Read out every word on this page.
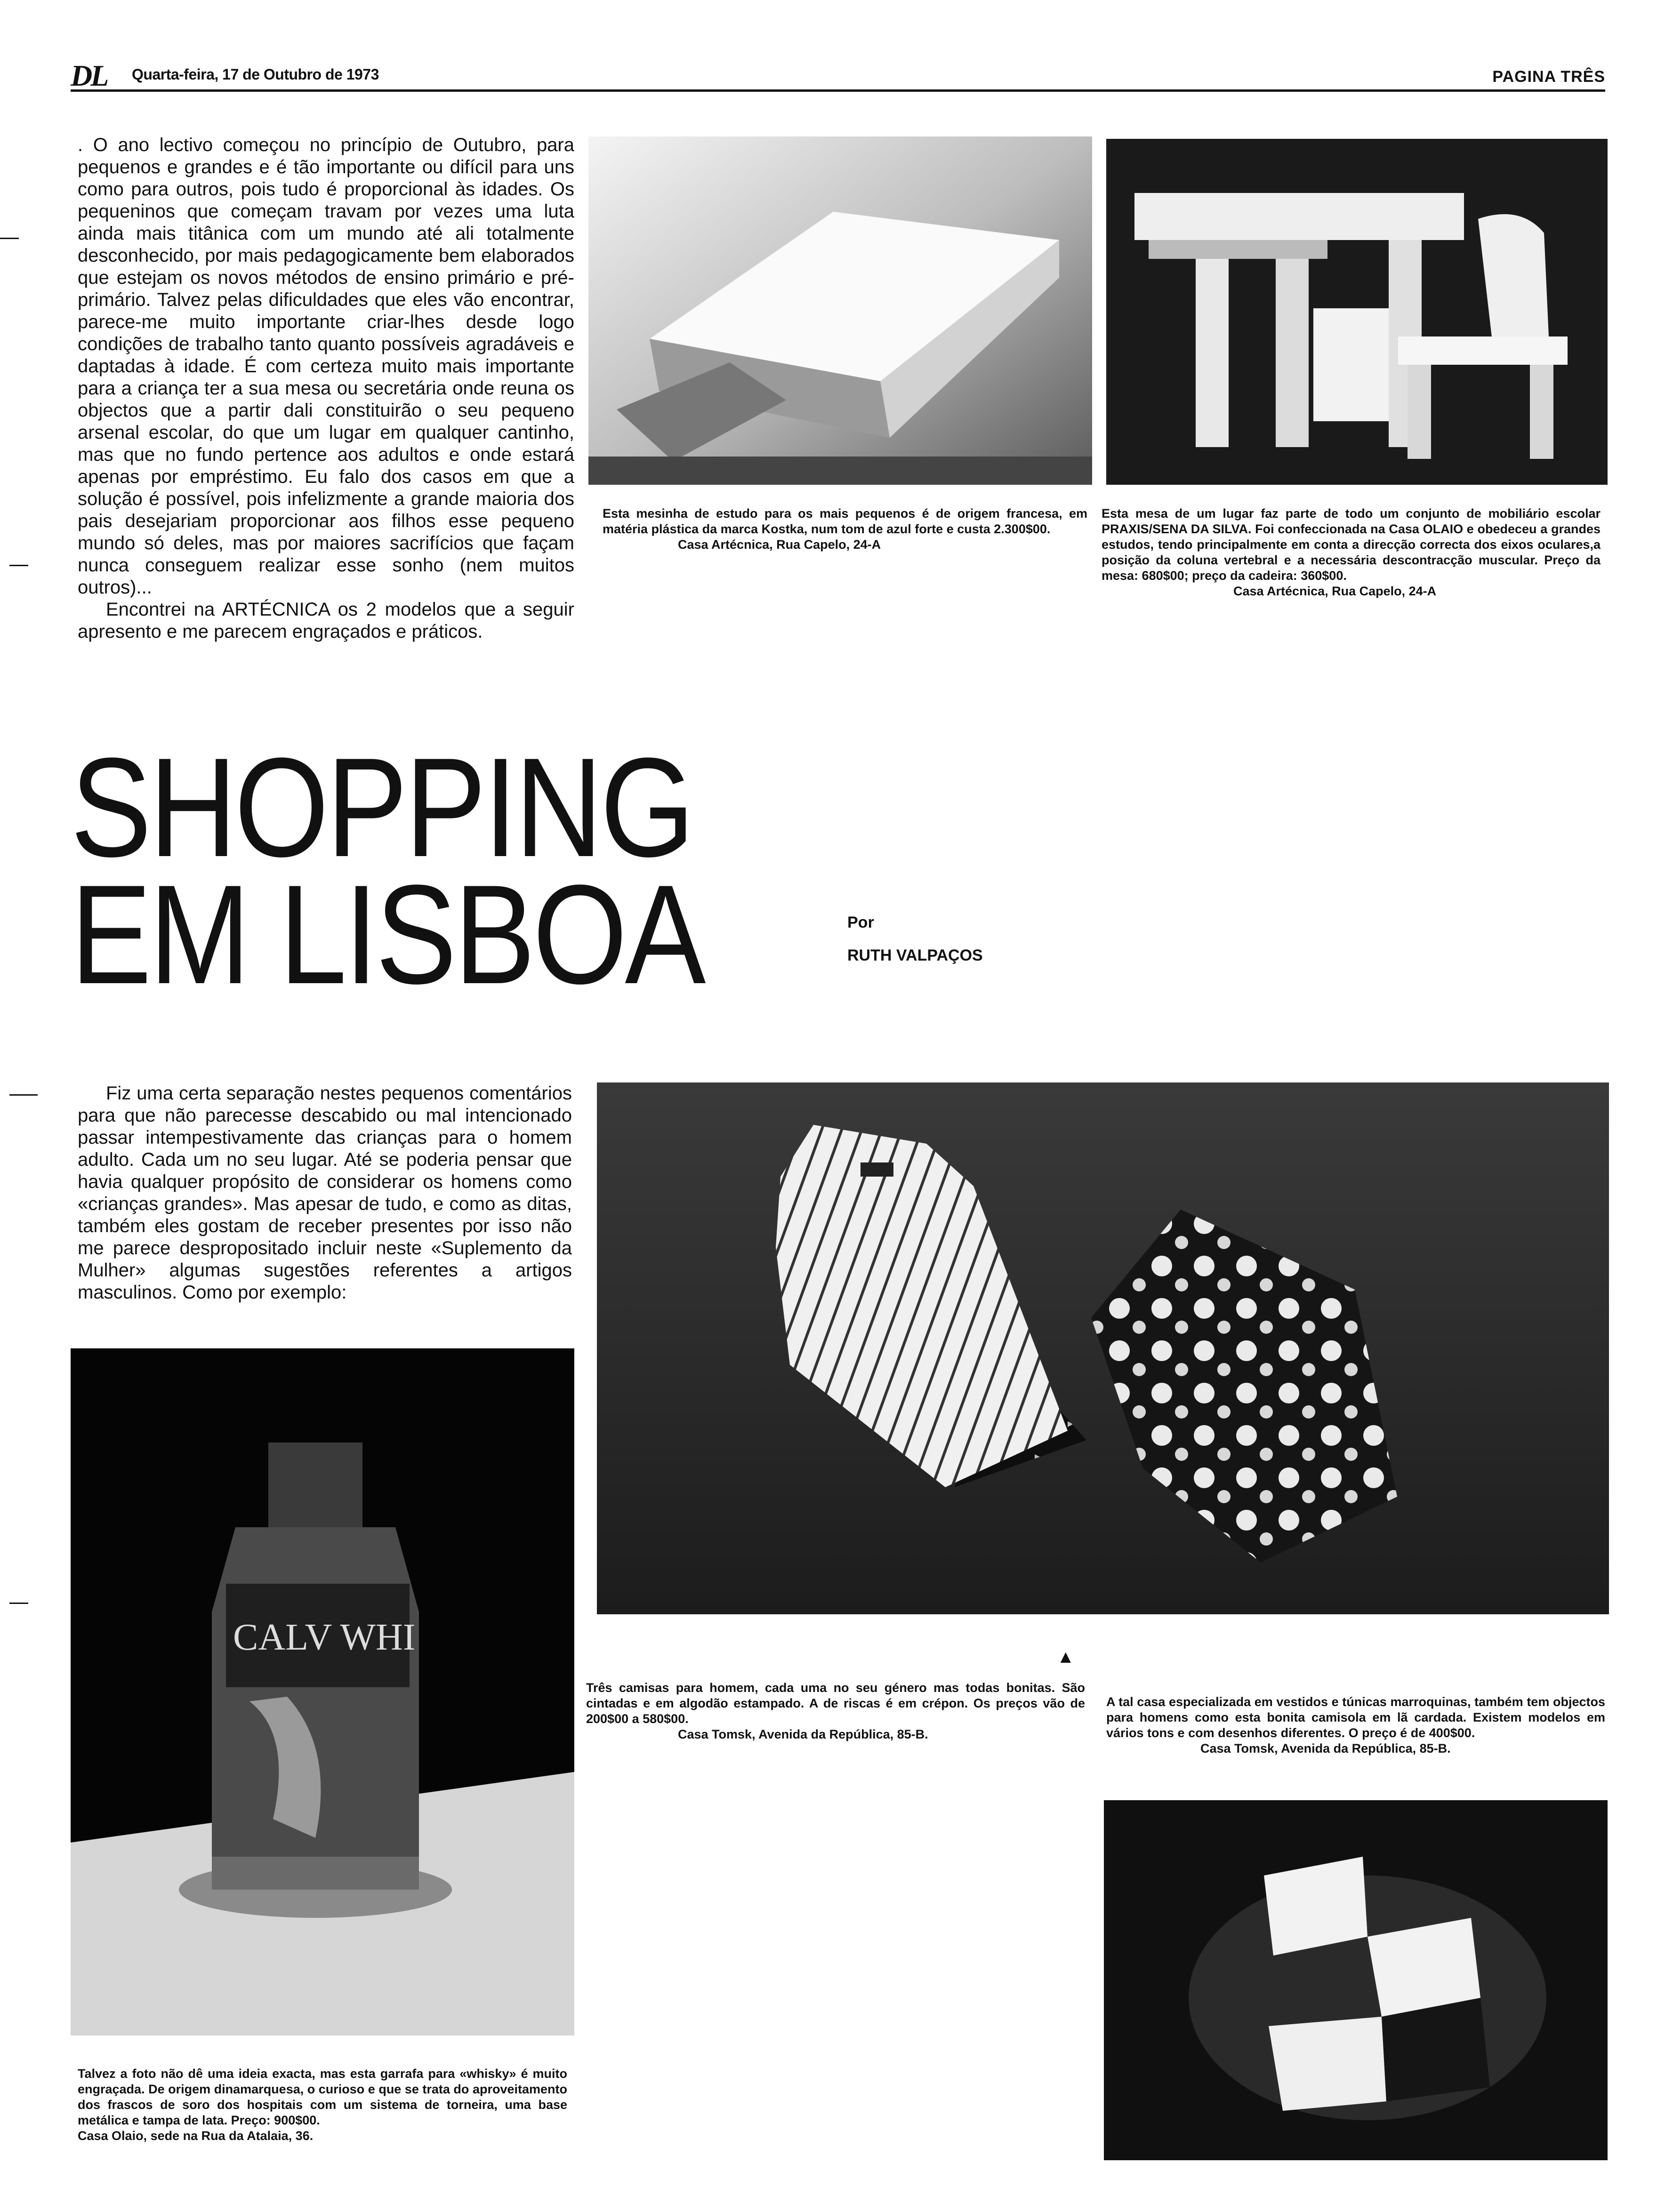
DL Quarta-feira, 17 de Outubro de 1973	PAGINA TRÊS

. O ano lectivo começou no princípio de Outubro, para pequenos e grandes e é tão importante ou difícil para uns como para outros, pois tudo é proporcional às idades. Os pequeninos que começam travam por vezes uma luta ainda mais titânica com um mundo até ali totalmente desconhecido, por mais pedagogicamente bem elaborados que estejam os novos métodos de ensino primário e pré-primário. Talvez pelas dificuldades que eles vão encontrar, parece-me muito importante criar-lhes desde logo condições de trabalho tanto quanto possíveis agradáveis e daptadas à idade. É com certeza muito mais importante para a criança ter a sua mesa ou secretária onde reuna os objectos que a partir dali constituirão o seu pequeno arsenal escolar, do que um lugar em qualquer cantinho, mas que no fundo pertence aos adultos e onde estará apenas por empréstimo. Eu falo dos casos em que a solução é possível, pois infelizmente a grande maioria dos pais desejariam proporcionar aos filhos esse pequeno mundo só deles, mas por maiores sacrifícios que façam nunca conseguem realizar esse sonho (nem muitos outros)...

Encontrei na ARTÉCNICA os 2 modelos que a seguir apresento e me parecem engraçados e práticos.

Esta mesinha de estudo para os mais pequenos é de origem francesa, em matéria plástica da marca Kostka, num tom de azul forte e custa 2.300$00.
Casa Artécnica, Rua Capelo, 24-A
Esta mesa de um lugar faz parte de todo um conjunto de mobiliário escolar PRAXIS/SENA DA SILVA. Foi confeccionada na Casa OLAIO e obedeceu a grandes estudos, tendo principalmente em conta a direcção correcta dos eixos oculares,a posição da coluna vertebral e a necessária descontracção muscular. Preço da mesa: 680$00; preço da cadeira: 360$00.
Casa Artécnica, Rua Capelo, 24-A
SHOPPING
EM LISBOA	Por
RUTH VALPAÇOS

Fiz uma certa separação nestes pequenos comentários para que não parecesse descabido ou mal intencionado passar intempestivamente das crianças para o homem adulto. Cada um no seu lugar. Até se poderia pensar que havia qualquer propósito de considerar os homens como «crianças grandes». Mas apesar de tudo, e como as ditas, também eles gostam de receber presentes por isso não me parece despropositado incluir neste «Suplemento da Mulher» algumas sugestões referentes a artigos masculinos. Como por exemplo:

▲
Três camisas para homem, cada uma no seu género mas todas bonitas. São cintadas e em algodão estampado. A de riscas é em crépon. Os preços vão de 200$00 a 580$00.
Casa Tomsk, Avenida da República, 85-B.
A tal casa especializada em vestidos e túnicas marroquinas, também tem objectos para homens como esta bonita camisola em lã cardada. Existem modelos em vários tons e com desenhos diferentes. O preço é de 400$00.
Casa Tomsk, Avenida da República, 85-B.
CALV WHI
Talvez a foto não dê uma ideia exacta, mas esta garrafa para «whisky» é muito engraçada. De origem dinamarquesa, o curioso e que se trata do aproveitamento dos frascos de soro dos hospitais com um sistema de torneira, uma base metálica e tampa de lata. Preço: 900$00.
Casa Olaio, sede na Rua da Atalaia, 36.
